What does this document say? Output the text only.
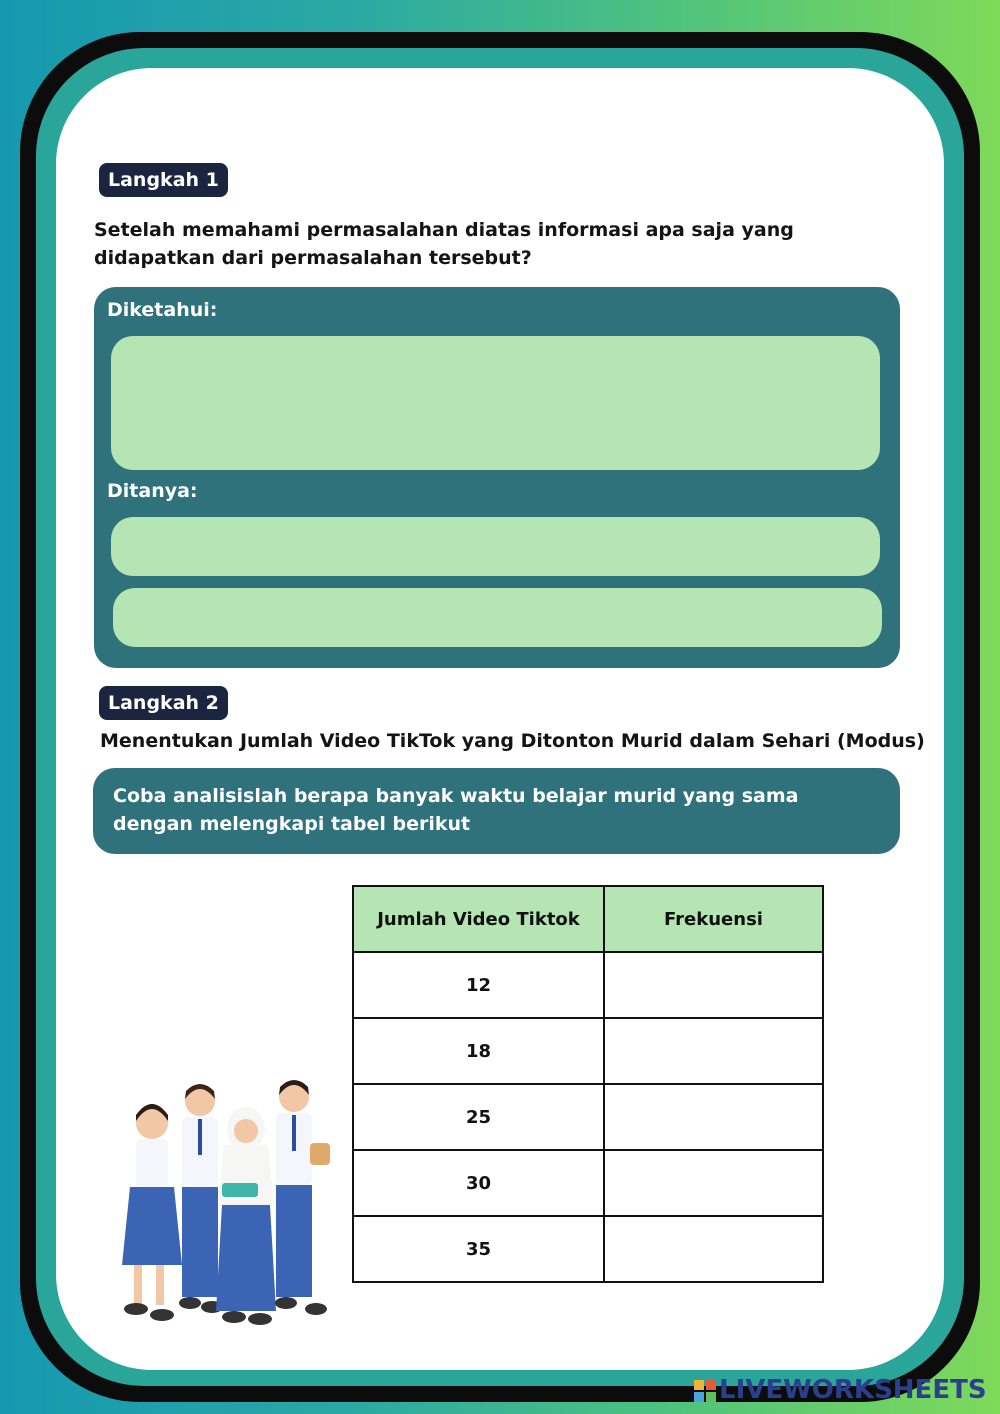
Langkah 1
Setelah memahami permasalahan diatas informasi apa saja yang didapatkan dari permasalahan tersebut?
Diketahui:
Ditanya:
Langkah 2
Menentukan Jumlah Video TikTok yang Ditonton Murid dalam Sehari (Modus)
Coba analisislah berapa banyak waktu belajar murid yang sama dengan melengkapi tabel berikut
Jumlah Video Tiktok	Frekuensi
12	
18	
25	
30	
35	
LIVEWORKSHEETS
